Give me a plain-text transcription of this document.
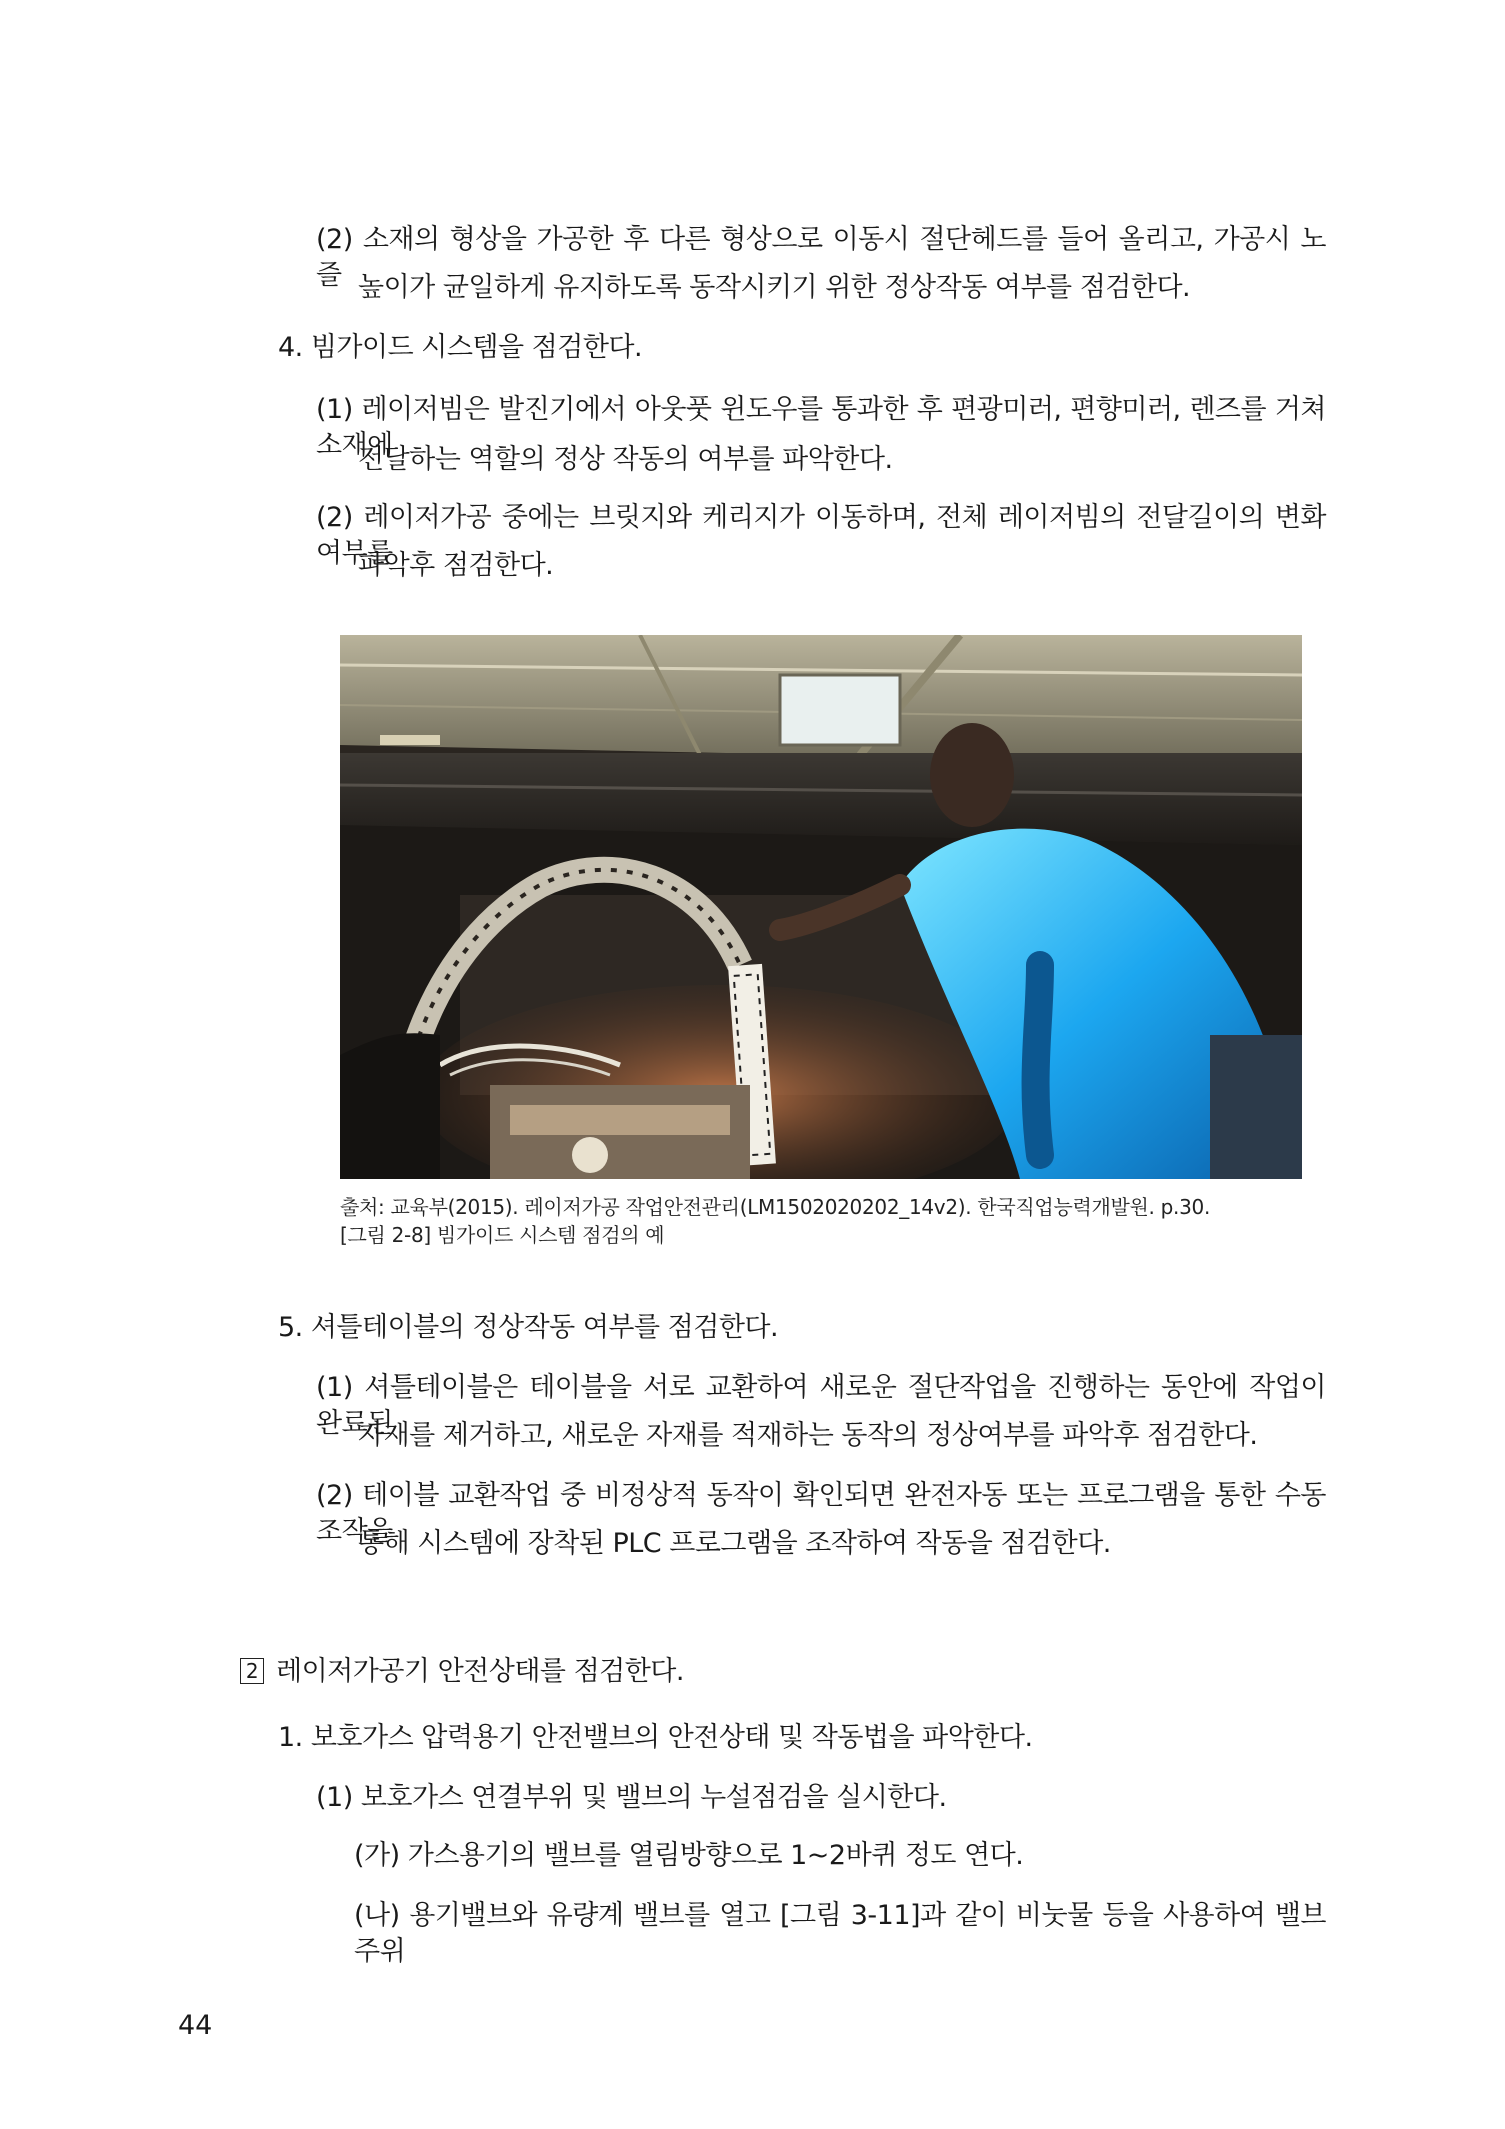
(2) 소재의 형상을 가공한 후 다른 형상으로 이동시 절단헤드를 들어 올리고, 가공시 노즐 높이가 균일하게 유지하도록 동작시키기 위한 정상작동 여부를 점검한다.
4. 빔가이드 시스템을 점검한다.
(1) 레이저빔은 발진기에서 아웃풋 윈도우를 통과한 후 편광미러, 편향미러, 렌즈를 거쳐 소재에
전달하는 역할의 정상 작동의 여부를 파악한다.
(2) 레이저가공 중에는 브릿지와 케리지가 이동하며, 전체 레이저빔의 전달길이의 변화여부를
파악후 점검한다.
출처: 교육부(2015). 레이저가공 작업안전관리(LM1502020202_14v2). 한국직업능력개발원. p.30.
[그림 2-8] 빔가이드 시스템 점검의 예
5. 셔틀테이블의 정상작동 여부를 점검한다.
(1) 셔틀테이블은 테이블을 서로 교환하여 새로운 절단작업을 진행하는 동안에 작업이 완료된
자재를 제거하고, 새로운 자재를 적재하는 동작의 정상여부를 파악후 점검한다.
(2) 테이블 교환작업 중 비정상적 동작이 확인되면 완전자동 또는 프로그램을 통한 수동 조작을
통해 시스템에 장착된 PLC 프로그램을 조작하여 작동을 점검한다.
2 레이저가공기 안전상태를 점검한다.
1. 보호가스 압력용기 안전밸브의 안전상태 및 작동법을 파악한다.
(1) 보호가스 연결부위 및 밸브의 누설점검을 실시한다.
(가) 가스용기의 밸브를 열림방향으로 1~2바퀴 정도 연다.
(나) 용기밸브와 유량계 밸브를 열고 [그림 3-11]과 같이 비눗물 등을 사용하여 밸브 주위
44
